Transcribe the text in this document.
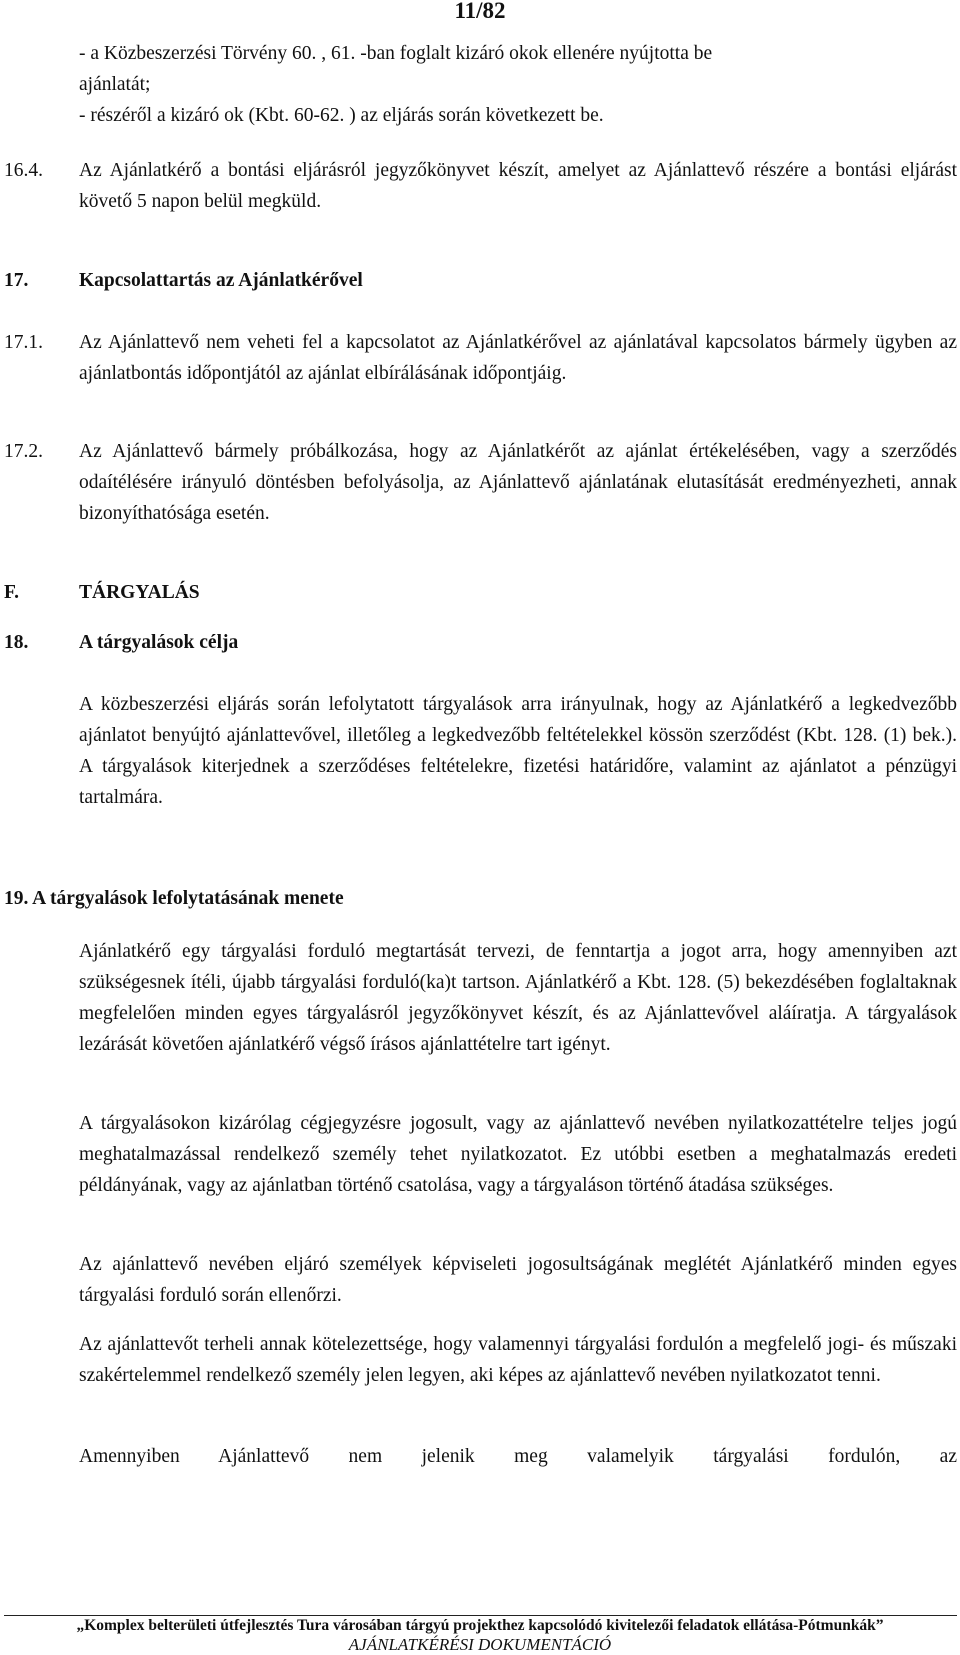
11/82
- a Közbeszerzési Törvény 60. , 61. -ban foglalt kizáró okok ellenére nyújtotta be
ajánlatát;
- részéről a kizáró ok (Kbt. 60-62. ) az eljárás során következett be.
16.4. Az Ajánlatkérő a bontási eljárásról jegyzőkönyvet készít, amelyet az Ajánlattevő részére a bontási eljárást követő 5 napon belül megküld.

17.	Kapcsolattartás az Ajánlatkérővel
17.1. Az Ajánlattevő nem veheti fel a kapcsolatot az Ajánlatkérővel az ajánlatával kapcsolatos bármely ügyben az ajánlatbontás időpontjától az ajánlat elbírálásának időpontjáig.

17.2. Az Ajánlattevő bármely próbálkozása, hogy az Ajánlatkérőt az ajánlat értékelésében, vagy a szerződés odaítélésére irányuló döntésben befolyásolja, az Ajánlattevő ajánlatának elutasítását eredményezheti, annak bizonyíthatósága esetén.

F.	TÁRGYALÁS
18.	A tárgyalások célja

A közbeszerzési eljárás során lefolytatott tárgyalások arra irányulnak, hogy az Ajánlatkérő a legkedvezőbb ajánlatot benyújtó ajánlattevővel, illetőleg a legkedvezőbb feltételekkel kössön szerződést (Kbt. 128. (1) bek.). A tárgyalások kiterjednek a szerződéses feltételekre, fizetési határidőre, valamint az ajánlatot a pénzügyi tartalmára.

19. A tárgyalások lefolytatásának menete

Ajánlatkérő egy tárgyalási forduló megtartását tervezi, de fenntartja a jogot arra, hogy amennyiben azt szükségesnek ítéli, újabb tárgyalási forduló(ka)t tartson. Ajánlatkérő a Kbt. 128. (5) bekezdésében foglaltaknak megfelelően minden egyes tárgyalásról jegyzőkönyvet készít, és az Ajánlattevővel aláíratja. A tárgyalások lezárását követően ajánlatkérő végső írásos ajánlattételre tart igényt.

A tárgyalásokon kizárólag cégjegyzésre jogosult, vagy az ajánlattevő nevében nyilatkozattételre teljes jogú meghatalmazással rendelkező személy tehet nyilatkozatot. Ez utóbbi esetben a meghatalmazás eredeti példányának, vagy az ajánlatban történő csatolása, vagy a tárgyaláson történő átadása szükséges.

Az ajánlattevő nevében eljáró személyek képviseleti jogosultságának meglétét Ajánlatkérő minden egyes tárgyalási forduló során ellenőrzi.

Az ajánlattevőt terheli annak kötelezettsége, hogy valamennyi tárgyalási fordulón a megfelelő jogi- és műszaki szakértelemmel rendelkező személy jelen legyen, aki képes az ajánlattevő nevében nyilatkozatot tenni.

Amennyiben Ajánlattevő nem jelenik meg valamelyik tárgyalási fordulón, az

„Komplex belterületi útfejlesztés Tura városában tárgyú projekthez kapcsolódó kivitelezői feladatok ellátása-Pótmunkák”
AJÁNLATKÉRÉSI DOKUMENTÁCIÓ
